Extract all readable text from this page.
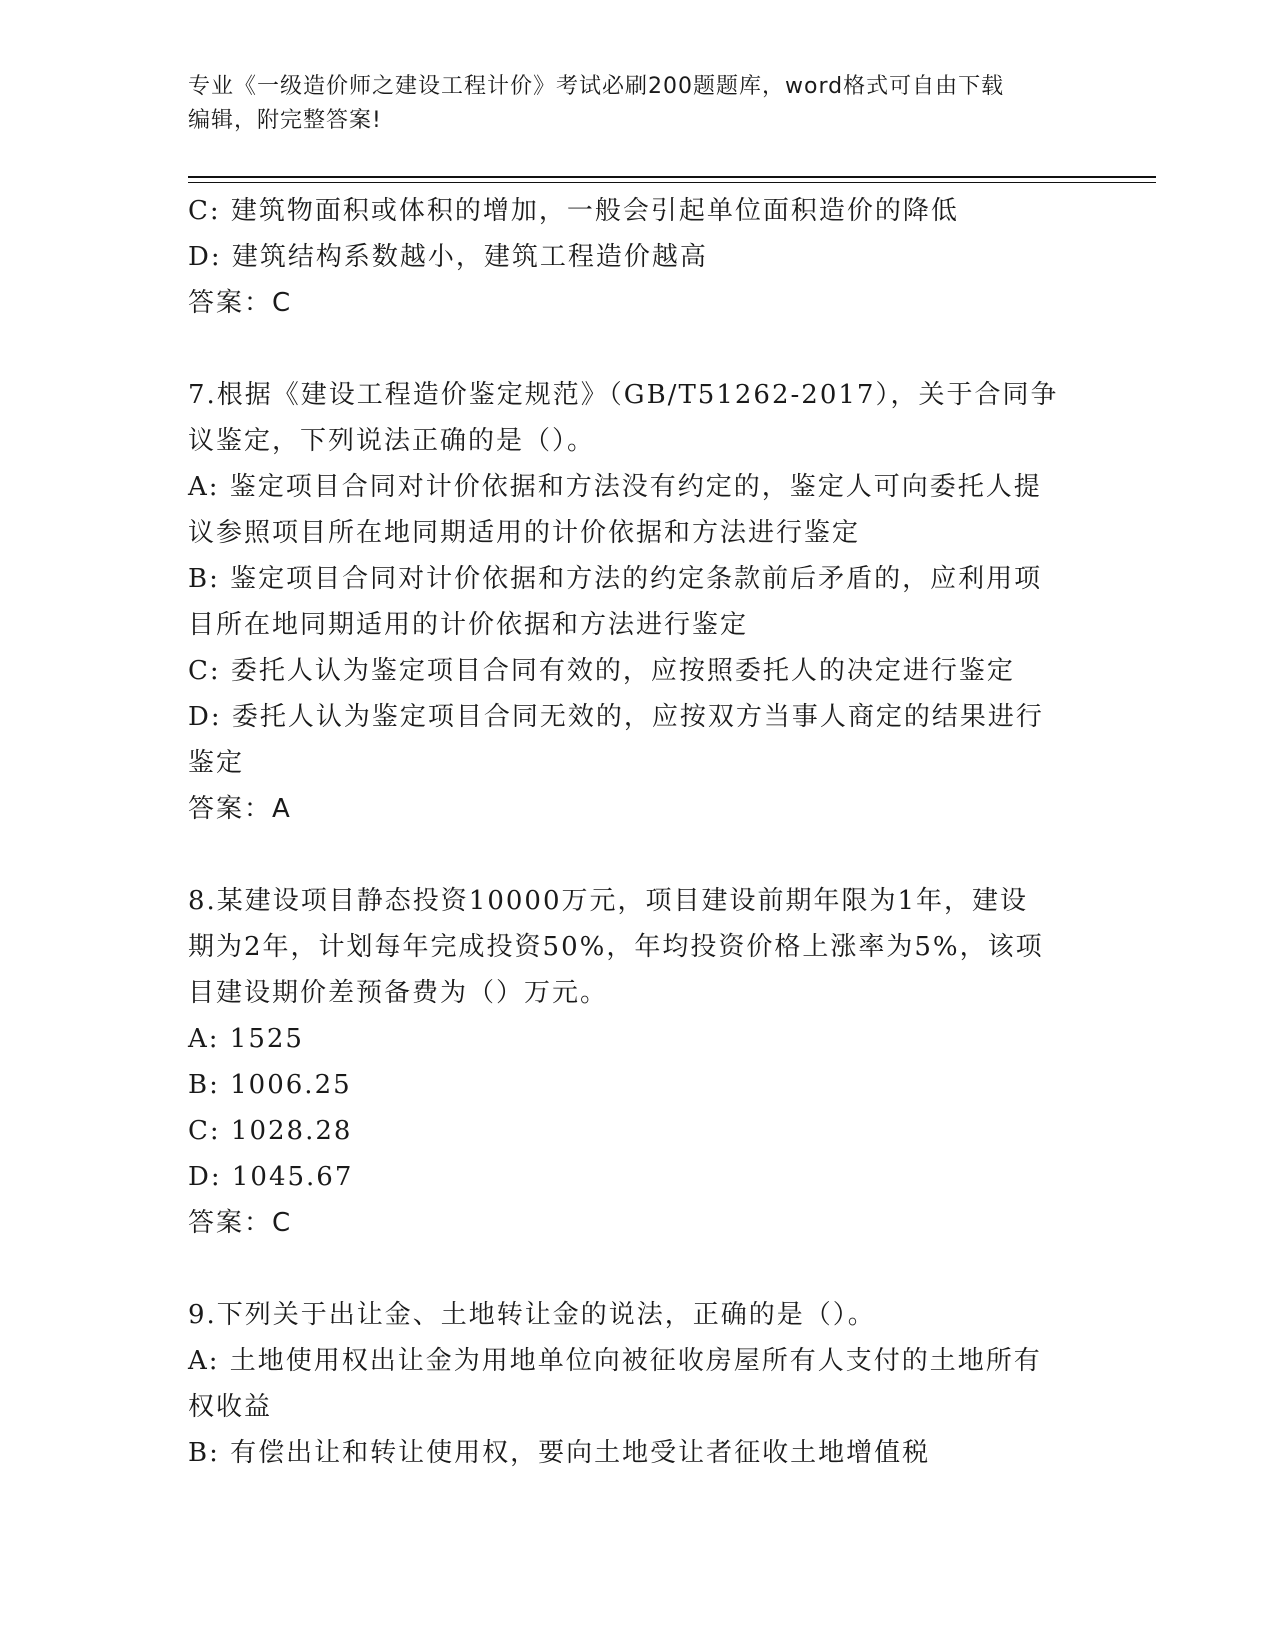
专业《一级造价师之建设工程计价》考试必刷200题题库，word格式可自由下载
编辑，附完整答案!
C: 建筑物面积或体积的增加，一般会引起单位面积造价的降低
D: 建筑结构系数越小，建筑工程造价越高
答案：C
7.根据《建设工程造价鉴定规范》（GB/T51262-2017），关于合同争
议鉴定，下列说法正确的是（）。
A: 鉴定项目合同对计价依据和方法没有约定的，鉴定人可向委托人提
议参照项目所在地同期适用的计价依据和方法进行鉴定
B: 鉴定项目合同对计价依据和方法的约定条款前后矛盾的，应利用项
目所在地同期适用的计价依据和方法进行鉴定
C: 委托人认为鉴定项目合同有效的，应按照委托人的决定进行鉴定
D: 委托人认为鉴定项目合同无效的，应按双方当事人商定的结果进行
鉴定
答案：A
8.某建设项目静态投资10000万元，项目建设前期年限为1年，建设
期为2年，计划每年完成投资50%，年均投资价格上涨率为5%，该项
目建设期价差预备费为（）万元。
A: 1525
B: 1006.25
C: 1028.28
D: 1045.67
答案：C
9.下列关于出让金、土地转让金的说法，正确的是（）。
A: 土地使用权出让金为用地单位向被征收房屋所有人支付的土地所有
权收益
B: 有偿出让和转让使用权，要向土地受让者征收土地增值税
